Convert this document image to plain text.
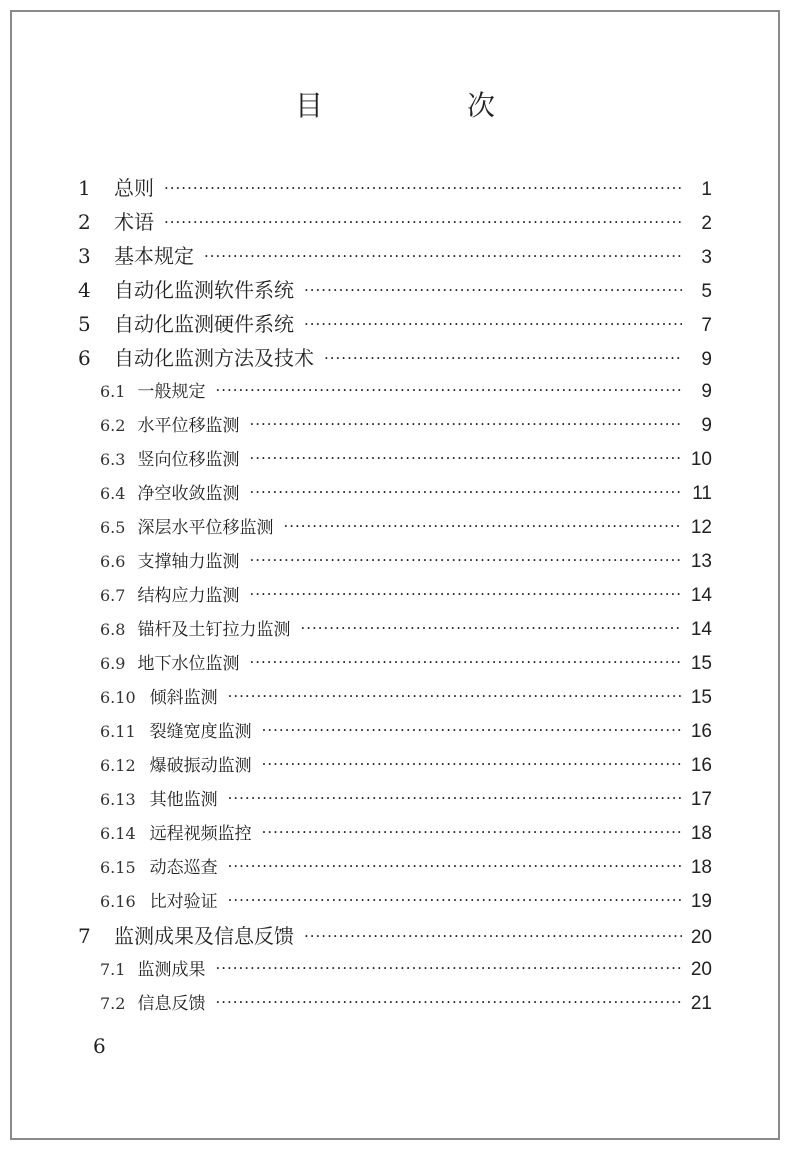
目　次
1	总则 ·····	1
2	术语 ·····	2
3	基本规定 ·····	3
4	自动化监测软件系统 ·····	5
5	自动化监测硬件系统 ·····	7
6	自动化监测方法及技术 ·····	9
6.1 一般规定 ·····	9
6.2 水平位移监测 ·····	9
6.3 竖向位移监测 ·····	10
6.4 净空收敛监测 ·····	11
6.5 深层水平位移监测 ·····	12
6.6 支撑轴力监测 ·····	13
6.7 结构应力监测 ·····	14
6.8 锚杆及土钉拉力监测 ·····	14
6.9 地下水位监测 ·····	15
6.10 倾斜监测 ·····	15
6.11 裂缝宽度监测 ·····	16
6.12 爆破振动监测 ·····	16
6.13 其他监测 ·····	17
6.14 远程视频监控 ·····	18
6.15 动态巡查 ·····	18
6.16 比对验证 ·····	19
7	监测成果及信息反馈 ·····	20
7.1 监测成果 ·····	20
7.2 信息反馈 ·····	21
6
